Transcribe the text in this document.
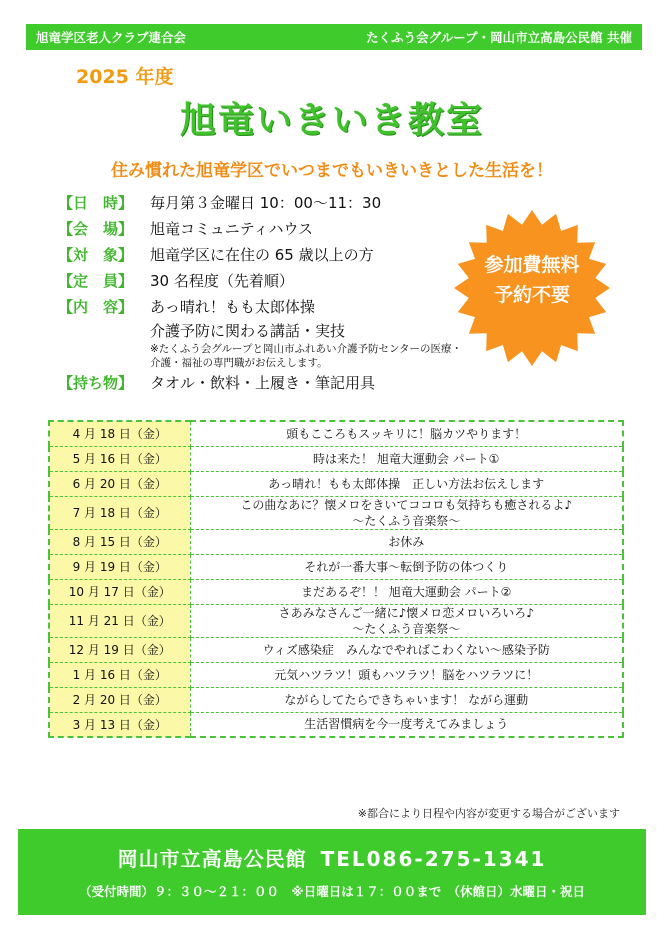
旭竜学区老人クラブ連合会	たくふう会グループ・岡山市立高島公民館 共催
2025 年度
旭竜いきいき教室
住み慣れた旭竜学区でいつまでもいきいきとした生活を！
【日　時】	毎月第３金曜日 10：00～11：30
【会　場】	旭竜コミュニティハウス
【対　象】	旭竜学区に在住の 65 歳以上の方
【定　員】	30 名程度（先着順）
【内　容】	あっ晴れ！もも太郎体操
介護予防に関わる講話・実技
※たくふう会グループと岡山市ふれあい介護予防センターの医療・介護・福祉の専門職がお伝えします。
【持ち物】	タオル・飲料・上履き・筆記用具
参加費無料
予約不要
4 月 18 日（金）	頭もこころもスッキリに！脳カツやります！

5 月 16 日（金）	時は来た！ 旭竜大運動会 パート①

6 月 20 日（金）	あっ晴れ！もも太郎体操　正しい方法お伝えします

7 月 18 日（金）	この曲なあに？懐メロをきいてココロも気持ちも癒されるよ♪
～たくふう音楽祭～

8 月 15 日（金）	お休み

9 月 19 日（金）	それが一番大事～転倒予防の体つくり

10 月 17 日（金）	まだあるぞ！！ 旭竜大運動会 パート②

11 月 21 日（金）	さあみなさんご一緒に♪懐メロ恋メロいろいろ♪
～たくふう音楽祭～

12 月 19 日（金）	ウィズ感染症　みんなでやればこわくない～感染予防

1 月 16 日（金）	元気ハツラツ！頭もハツラツ！脳をハツラツに！

2 月 20 日（金）	ながらしてたらできちゃいます！ ながら運動

3 月 13 日（金）	生活習慣病を今一度考えてみましょう
※都合により日程や内容が変更する場合がございます
岡山市立高島公民館 TEL086-275-1341
（受付時間）９：３０～２１：００　※日曜日は１７：００まで　（休館日）水曜日・祝日
